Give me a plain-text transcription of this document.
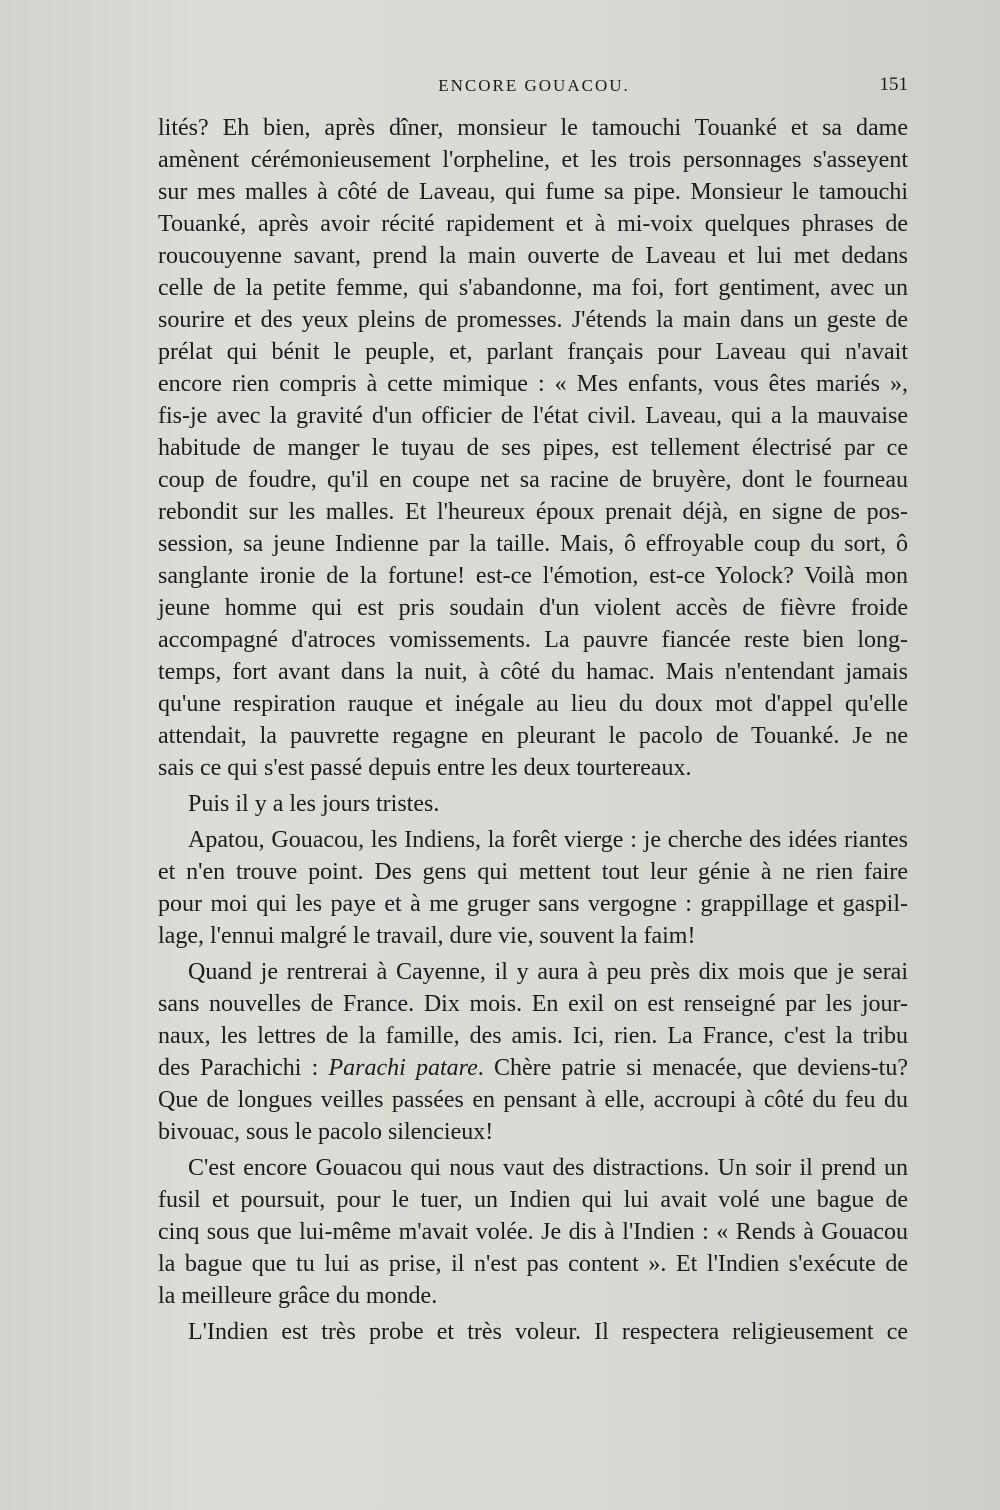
ENCORE GOUACOU.	151
lités? Eh bien, après dîner, monsieur le tamouchi Touanké et sa dame
amènent cérémonieusement l'orpheline, et les trois personnages s'asseyent
sur mes malles à côté de Laveau, qui fume sa pipe. Monsieur le tamouchi
Touanké, après avoir récité rapidement et à mi-voix quelques phrases de
roucouyenne savant, prend la main ouverte de Laveau et lui met dedans
celle de la petite femme, qui s'abandonne, ma foi, fort gentiment, avec un
sourire et des yeux pleins de promesses. J'étends la main dans un geste de
prélat qui bénit le peuple, et, parlant français pour Laveau qui n'avait
encore rien compris à cette mimique : « Mes enfants, vous êtes mariés »,
fis-je avec la gravité d'un officier de l'état civil. Laveau, qui a la mauvaise
habitude de manger le tuyau de ses pipes, est tellement électrisé par ce
coup de foudre, qu'il en coupe net sa racine de bruyère, dont le fourneau
rebondit sur les malles. Et l'heureux époux prenait déjà, en signe de pos-
session, sa jeune Indienne par la taille. Mais, ô effroyable coup du sort, ô
sanglante ironie de la fortune! est-ce l'émotion, est-ce Yolock? Voilà mon
jeune homme qui est pris soudain d'un violent accès de fièvre froide
accompagné d'atroces vomissements. La pauvre fiancée reste bien long-
temps, fort avant dans la nuit, à côté du hamac. Mais n'entendant jamais
qu'une respiration rauque et inégale au lieu du doux mot d'appel qu'elle
attendait, la pauvrette regagne en pleurant le pacolo de Touanké. Je ne
sais ce qui s'est passé depuis entre les deux tourtereaux.
Puis il y a les jours tristes.
Apatou, Gouacou, les Indiens, la forêt vierge : je cherche des idées riantes
et n'en trouve point. Des gens qui mettent tout leur génie à ne rien faire
pour moi qui les paye et à me gruger sans vergogne : grappillage et gaspil-
lage, l'ennui malgré le travail, dure vie, souvent la faim!
Quand je rentrerai à Cayenne, il y aura à peu près dix mois que je serai
sans nouvelles de France. Dix mois. En exil on est renseigné par les jour-
naux, les lettres de la famille, des amis. Ici, rien. La France, c'est la tribu
des Parachichi : Parachi patare. Chère patrie si menacée, que deviens-tu?
Que de longues veilles passées en pensant à elle, accroupi à côté du feu du
bivouac, sous le pacolo silencieux!
C'est encore Gouacou qui nous vaut des distractions. Un soir il prend un
fusil et poursuit, pour le tuer, un Indien qui lui avait volé une bague de
cinq sous que lui-même m'avait volée. Je dis à l'Indien : « Rends à Gouacou
la bague que tu lui as prise, il n'est pas content ». Et l'Indien s'exécute de
la meilleure grâce du monde.
L'Indien est très probe et très voleur. Il respectera religieusement ce
